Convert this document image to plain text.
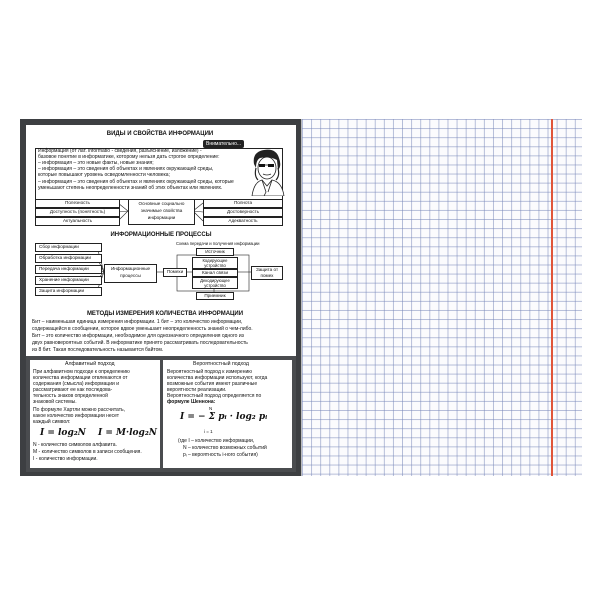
ВИДЫ И СВОЙСТВА ИНФОРМАЦИИ
Внимательно...
Информация (от лат. informatio - сведения, разъяснение, изложение) -
базовое понятие в информатике, которому нельзя дать строгое определение:
– информация – это новые факты, новые знания;
– информация – это сведения об объектах и явлениях окружающей среды,
которые повышают уровень осведомленности человека;
– информация – это сведения об объектах и явлениях окружающей среды, которые
уменьшают степень неопределенности знаний об этих объектах или явлениях.
Полезность
Доступность (понятность)
Актуальность
Основные социально значимые свойства информации
Полнота
Достоверность
Адекватность
ИНФОРМАЦИОННЫЕ ПРОЦЕССЫ
Сбор информации
Обработка информации
Передача информации
Хранение информации
Защита информации
Информационные процессы
Схема передачи и получения информации
Источник
Кодирующее устройство
Канал связи
Декодирующее устройство
Приемник
Помехи	Защита от помех
МЕТОДЫ ИЗМЕРЕНИЯ КОЛИЧЕСТВА ИНФОРМАЦИИ
Бит – наименьшая единица измерения информации. 1 бит – это количество информации,
содержащейся в сообщении, которое вдвое уменьшает неопределенность знаний о чем-либо.
Бит – это количество информации, необходимое для однозначного определения одного из
двух равновероятных событий. В информатике принято рассматривать последовательность
из 8 бит. Такая последовательность называется байтом.
Алфавитный подход
При алфавитном подходе к определению
количества информации отвлекаются от
содержания (смысла) информации и
рассматривают ее как последова-
тельность знаков определенной
знаковой системы.
По формуле Хартли можно рассчитать,
какое количество информации несет
каждый символ:
I = log₂N I = M·log₂N
N - количество символов алфавита.
M - количество символов в записи сообщения.
I - количество информации.
Вероятностный подход
Вероятностный подход к измерению
количества информации используют, когда
возможные события имеют различные
вероятности реализации.
Вероятностный подход определяется по
формуле Шеннона:
N
I = − Σ pᵢ · log₂ pᵢ
i = 1
(где I – количество информации,
N – количество возможных событий
pᵢ – вероятность i-ного события)
